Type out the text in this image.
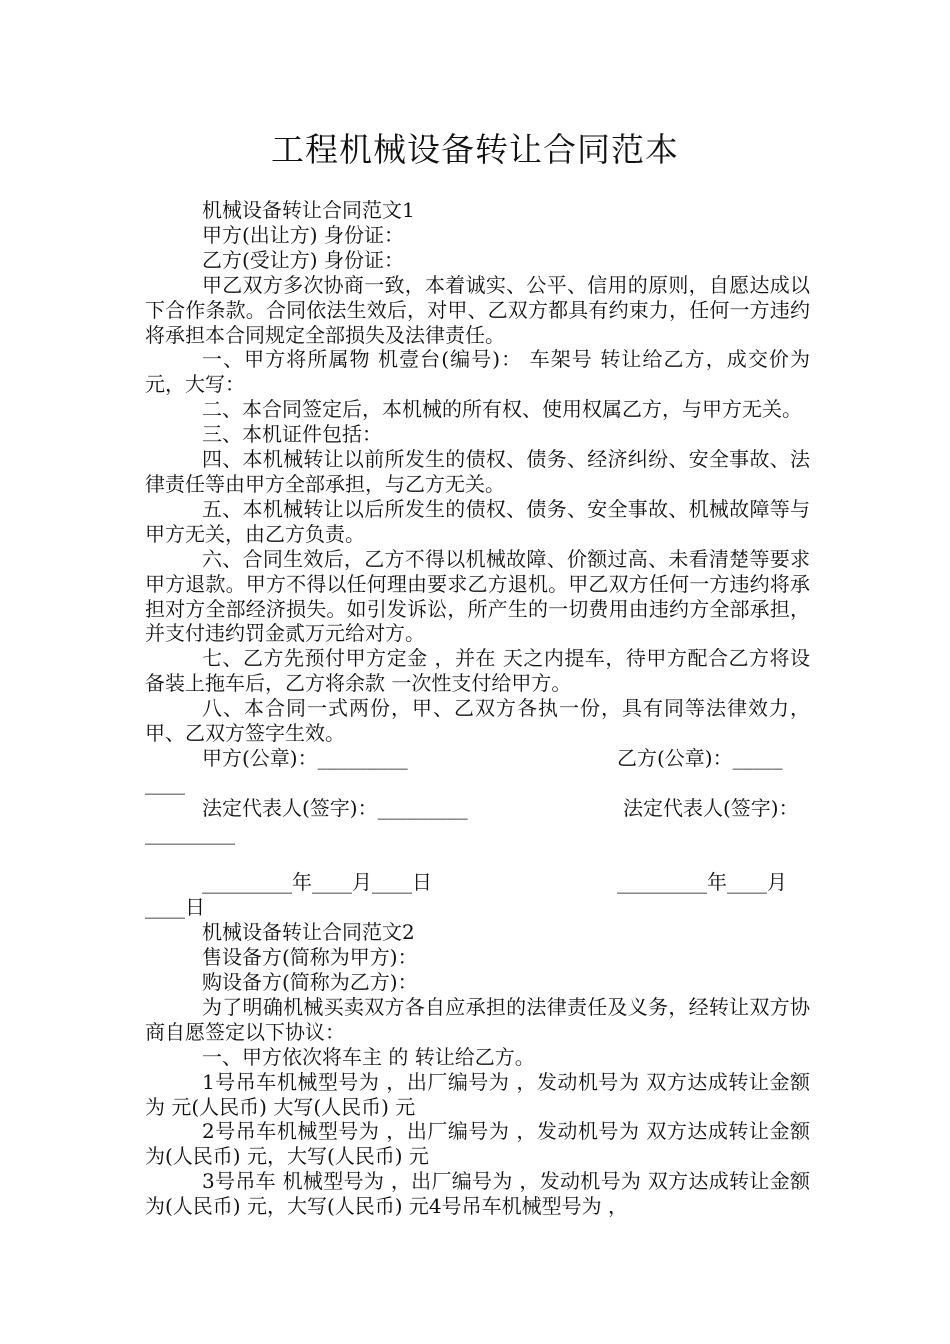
工程机械设备转让合同范本

机械设备转让合同范文1

甲方(出让方) 身份证：

乙方(受让方) 身份证：

甲乙双方多次协商一致，本着诚实、公平、信用的原则，自愿达成以下合作条款。合同依法生效后，对甲、乙双方都具有约束力，任何一方违约将承担本合同规定全部损失及法律责任。

一、甲方将所属物 机壹台(编号)： 车架号 转让给乙方，成交价为 元，大写：

二、本合同签定后，本机械的所有权、使用权属乙方，与甲方无关。

三、本机证件包括：

四、本机械转让以前所发生的债权、债务、经济纠纷、安全事故、法律责任等由甲方全部承担，与乙方无关。

五、本机械转让以后所发生的债权、债务、安全事故、机械故障等与甲方无关，由乙方负责。

六、合同生效后，乙方不得以机械故障、价额过高、未看清楚等要求甲方退款。甲方不得以任何理由要求乙方退机。甲乙双方任何一方违约将承担对方全部经济损失。如引发诉讼，所产生的一切费用由违约方全部承担，并支付违约罚金贰万元给对方。

七、乙方先预付甲方定金 ，并在 天之内提车，待甲方配合乙方将设备装上拖车后，乙方将余款 一次性支付给甲方。

八、本合同一式两份，甲、乙双方各执一份，具有同等法律效力，甲、乙双方签字生效。

甲方(公章)：_________	乙方(公章)：_____
____
法定代表人(签字)：_________	法定代表人(签字)：
_________
_________年____月____日	_________年____月
____日

机械设备转让合同范文2

售设备方(简称为甲方)：

购设备方(简称为乙方)：

为了明确机械买卖双方各自应承担的法律责任及义务，经转让双方协商自愿签定以下协议：

一、甲方依次将车主 的 转让给乙方。

1号吊车机械型号为 ，出厂编号为 ，发动机号为 双方达成转让金额为 元(人民币) 大写(人民币) 元

2号吊车机械型号为 ，出厂编号为 ，发动机号为 双方达成转让金额为(人民币) 元，大写(人民币) 元

3号吊车 机械型号为 ，出厂编号为 ，发动机号为 双方达成转让金额为(人民币) 元，大写(人民币) 元4号吊车机械型号为 ，
